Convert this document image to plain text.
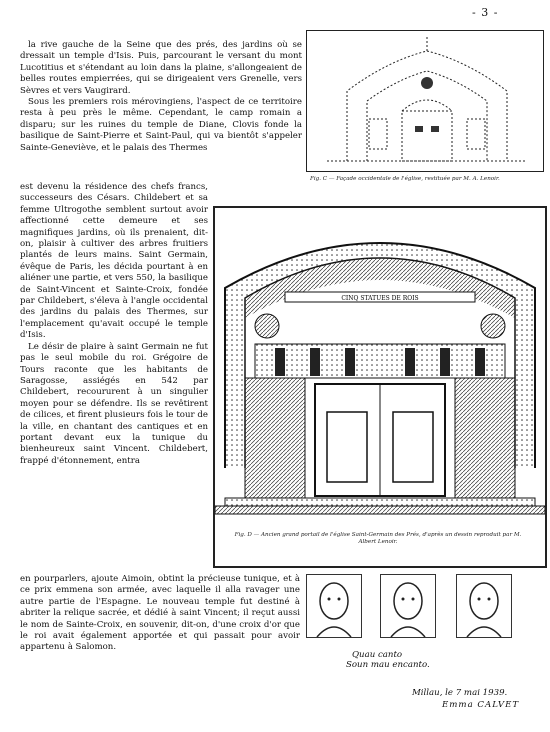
- 3 -

la rive gauche de la Seine que des prés, des jardins où se dressait un temple d'Isis. Puis, parcourant le versant du mont Lucotitius et s'étendant au loin dans la plaine, s'allongeaient de belles routes empierrées, qui se dirigeaient vers Grenelle, vers Sèvres et vers Vaugirard.

Sous les premiers rois mérovingiens, l'aspect de ce territoire resta à peu près le même. Cependant, le camp romain a disparu; sur les ruines du temple de Diane, Clovis fonde la basilique de Saint-Pierre et Saint-Paul, qui va bientôt s'appeler Sainte-Geneviève, et le palais des Thermes

est devenu la résidence des chefs francs, successeurs des Césars. Childebert et sa femme Ultrogothe semblent surtout avoir affectionné cette demeure et ses magnifiques jardins, où ils prenaient, dit-on, plaisir à cultiver des arbres fruitiers plantés de leurs mains. Saint Germain, évêque de Paris, les décida pourtant à en aliéner une partie, et vers 550, la basilique de Saint-Vincent et Sainte-Croix, fondée par Childebert, s'éleva à l'angle occidental des jardins du palais des Thermes, sur l'emplacement qu'avait occupé le temple d'Isis.

Le désir de plaire à saint Germain ne fut pas le seul mobile du roi. Grégoire de Tours raconte que les habitants de Saragosse, assiégés en 542 par Childebert, recoururent à un singulier moyen pour se défendre. Ils se revêtirent de cilices, et firent plusieurs fois le tour de la ville, en chantant des cantiques et en portant devant eux la tunique du bienheureux saint Vincent. Childebert, frappé d'étonnement, entra

en pourparlers, ajoute Aimoin, obtint la précieuse tunique, et à ce prix emmena son armée, avec laquelle il alla ravager une autre partie de l'Espagne. Le nouveau temple fut destiné à abriter la relique sacrée, et dédié à saint Vincent; il reçut aussi le nom de Sainte-Croix, en souvenir, dit-on, d'une croix d'or que le roi avait également apportée et qui passait pour avoir appartenu à Salomon.

Fig. C — Façade occidentale de l'église, restituée par M. A. Lenoir.
CINQ STATUES DE ROIS
Fig. D — Ancien grand portail de l'église Saint-Germain des Prés, d'après un dessin reproduit par M. Albert Lenoir.
Quau canto
Soun mau encanto.
Millau, le 7 mai 1939.
Emma CALVET
